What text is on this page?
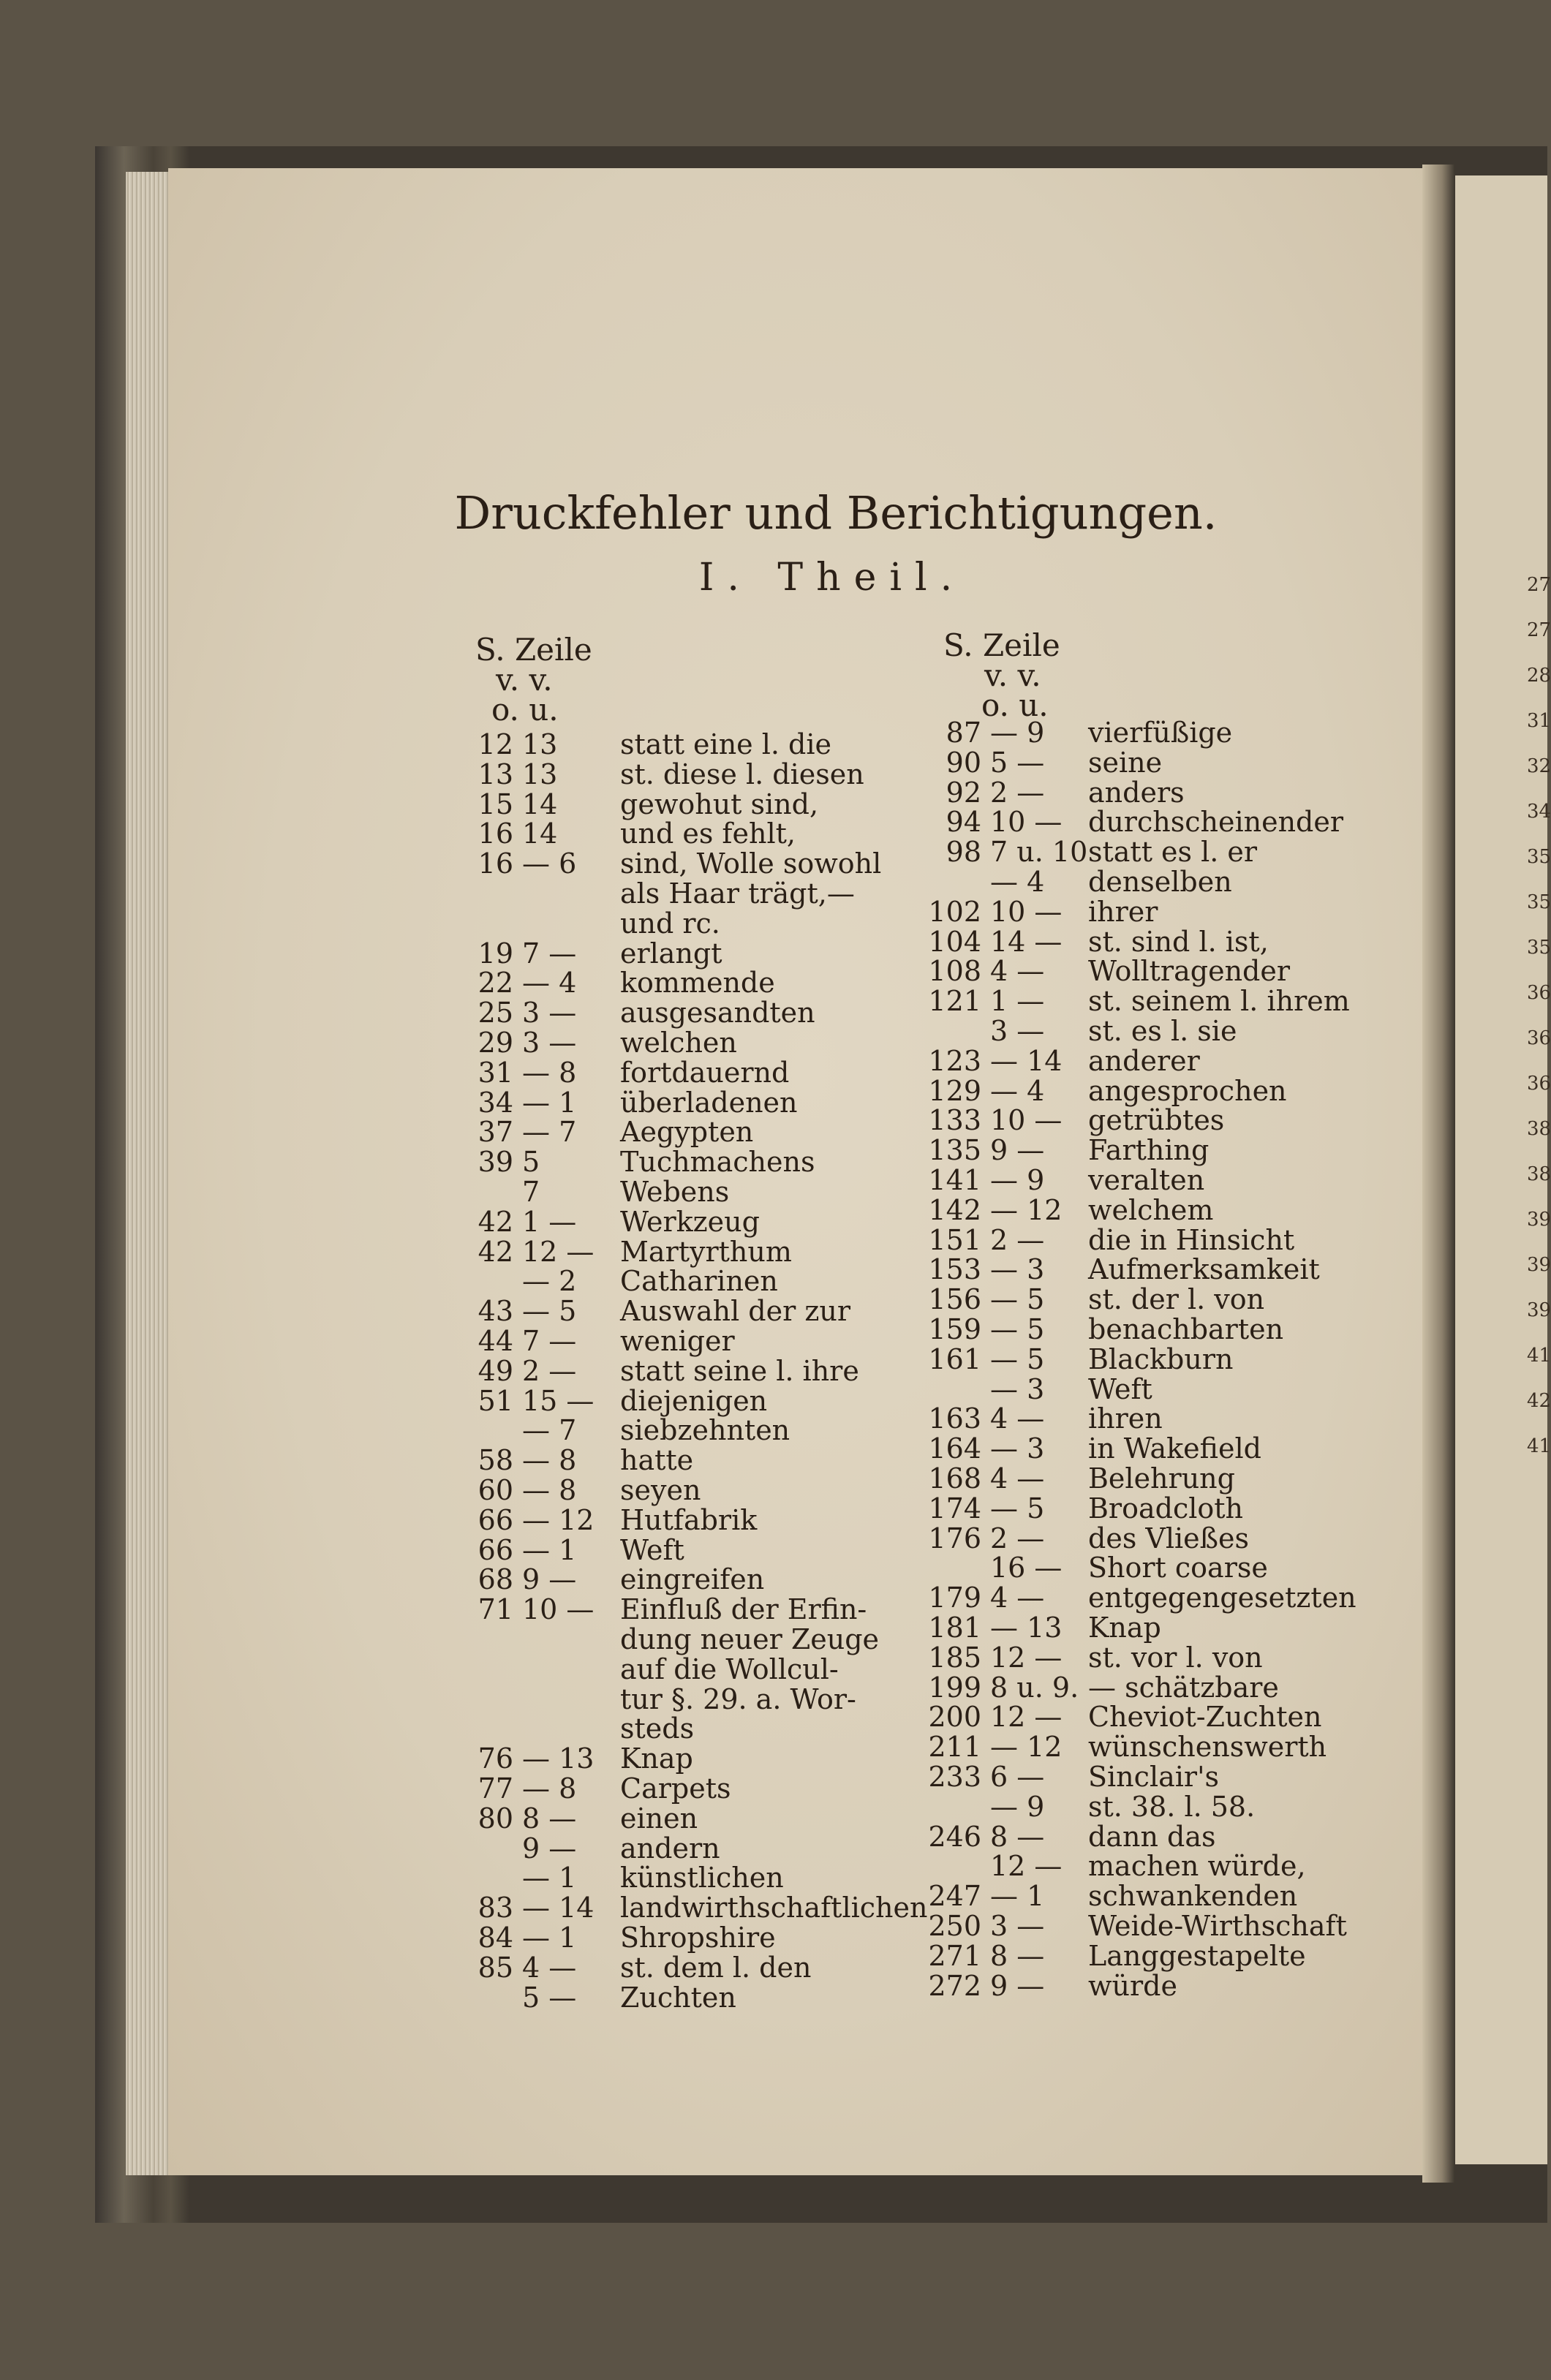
27
27
28
31
32
34
35
35
35
36
36
36
38
38
39
39
39
41
42
41
Druckfehler und Berichtigungen.
I. Theil.
S. Zeile
v. v.
o. u.
S. Zeile
v. v.
o. u.
12 13 statt eine l. die
13 13 st. diese l. diesen
15 14 gewohut sind,
16 14 und es fehlt,
16 — 6 sind, Wolle sowohl
als Haar trägt,—
und rc.
19 7 — erlangt
22 — 4 kommende
25 3 — ausgesandten
29 3 — welchen
31 — 8 fortdauernd
34 — 1 überladenen
37 — 7 Aegypten
39 5	Tuchmachens
7	Webens
42 1 — Werkzeug
42 12 — Martyrthum
— 2 Catharinen
43 — 5 Auswahl der zur
44 7 — weniger
49 2 — statt seine l. ihre
51 15 — diejenigen
— 7 siebzehnten
58 — 8 hatte
60 — 8 seyen
66 — 12 Hutfabrik
66 — 1 Weft
68 9 — eingreifen
71 10 — Einfluß der Erfin-
dung neuer Zeuge
auf die Wollcul-
tur §. 29. a. Wor-
steds
76 — 13 Knap
77 — 8 Carpets
80 8 — einen
9 — andern
— 1 künstlichen
83 — 14 landwirthschaftlichen
84 — 1 Shropshire
85 4 — st. dem l. den
5 — Zuchten
87 — 9 vierfüßige
90 5 — seine
92 2 — anders
94 10 — durchscheinender
98 7 u. 10 statt es l. er
— 4 denselben
102 10 — ihrer
104 14 — st. sind l. ist,
108 4 — Wolltragender
121 1 — st. seinem l. ihrem
3 — st. es l. sie
123 — 14 anderer
129 — 4 angesprochen
133 10 — getrübtes
135 9 — Farthing
141 — 9 veralten
142 — 12 welchem
151 2 — die in Hinsicht
153 — 3 Aufmerksamkeit
156 — 5 st. der l. von
159 — 5 benachbarten
161 — 5 Blackburn
— 3 Weft
163 4 — ihren
164 — 3 in Wakefield
168 4 — Belehrung
174 — 5 Broadcloth
176 2 — des Vließes
16 — Short coarse
179 4 — entgegengesetzten
181 — 13 Knap
185 12 — st. vor l. von
199 8 u. 9. — schätzbare
200 12 — Cheviot-Zuchten
211 — 12 wünschenswerth
233 6 — Sinclair's
— 9 st. 38. l. 58.
246 8 — dann das
12 — machen würde,
247 — 1 schwankenden
250 3 — Weide-Wirthschaft
271 8 — Langgestapelte
272 9 — würde
